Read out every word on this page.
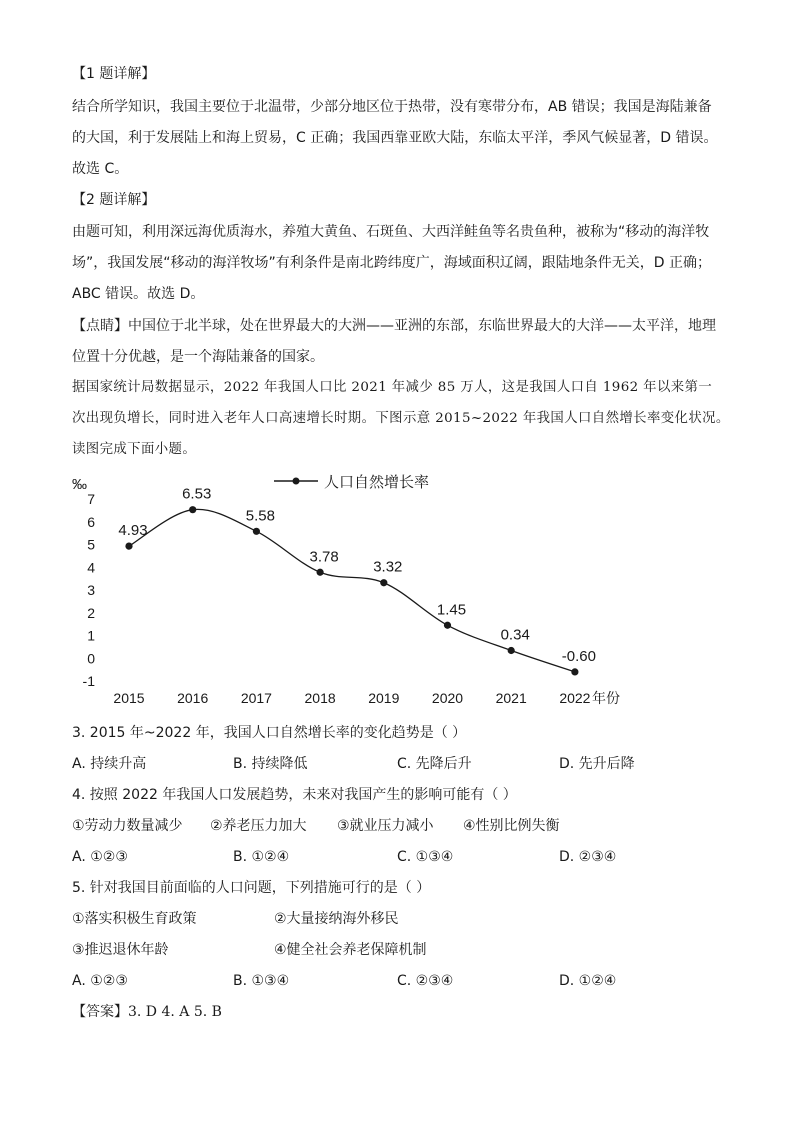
【1 题详解】
结合所学知识，我国主要位于北温带，少部分地区位于热带，没有寒带分布，AB 错误；我国是海陆兼备
的大国，利于发展陆上和海上贸易，C 正确；我国西靠亚欧大陆，东临太平洋，季风气候显著，D 错误。
故选 C。
【2 题详解】
由题可知，利用深远海优质海水，养殖大黄鱼、石斑鱼、大西洋鲑鱼等名贵鱼种，被称为“移动的海洋牧
场”，我国发展“移动的海洋牧场”有利条件是南北跨纬度广，海域面积辽阔，跟陆地条件无关，D 正确；
ABC 错误。故选 D。
【点睛】中国位于北半球，处在世界最大的大洲——亚洲的东部，东临世界最大的大洋——太平洋，地理
位置十分优越，是一个海陆兼备的国家。
据国家统计局数据显示，2022 年我国人口比 2021 年减少 85 万人，这是我国人口自 1962 年以来第一
次出现负增长，同时进入老年人口高速增长时期。下图示意 2015~2022 年我国人口自然增长率变化状况。
读图完成下面小题。
‰	人口自然增长率
7
6
5
4
3
2
1
0
-1
2015 2016 2017 2018 2019 2020 2021 2022
4.93
6.53
5.58
3.78
3.32
1.45
0.34
-0.60
年份
3. 2015 年~2022 年，我国人口自然增长率的变化趋势是（ ）
A. 持续升高	B. 持续降低	C. 先降后升	D. 先升后降
4. 按照 2022 年我国人口发展趋势，未来对我国产生的影响可能有（ ）
①劳动力数量减少 ②养老压力加大 ③就业压力减小 ④性别比例失衡
A. ①②③	B. ①②④	C. ①③④	D. ②③④
5. 针对我国目前面临的人口问题，下列措施可行的是（ ）
①落实积极生育政策	②大量接纳海外移民
③推迟退休年龄	④健全社会养老保障机制
A. ①②③	B. ①③④	C. ②③④	D. ①②④
【答案】3. D 4. A 5. B
